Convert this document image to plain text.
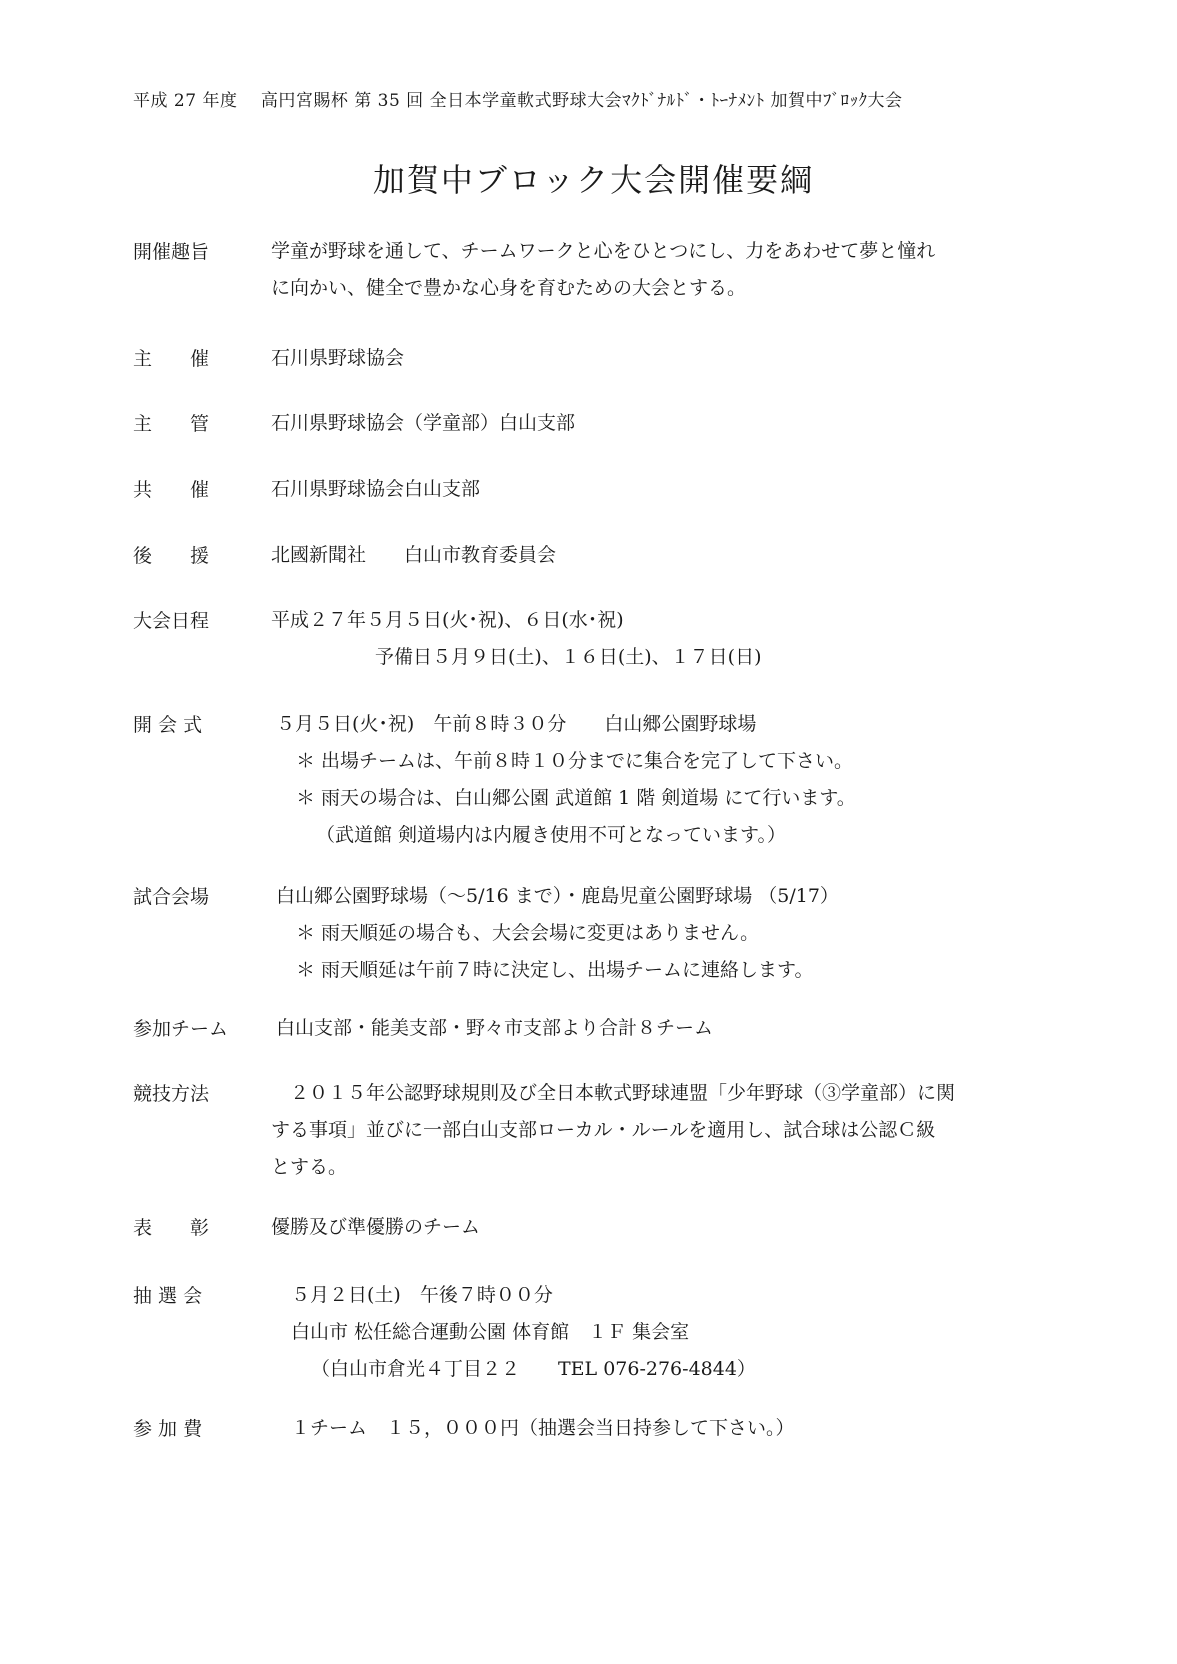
平成 27 年度　 高円宮賜杯 第 35 回 全日本学童軟式野球大会ﾏｸﾄﾞﾅﾙﾄﾞ・ﾄｰﾅﾒﾝﾄ 加賀中ﾌﾞﾛｯｸ大会
加賀中ブロック大会開催要綱
開催趣旨	学童が野球を通して、チームワークと心をひとつにし、力をあわせて夢と憧れ
に向かい、健全で豊かな心身を育むための大会とする。
主　　催	石川県野球協会
主　　管	石川県野球協会（学童部）白山支部
共　　催	石川県野球協会白山支部
後　　援	北國新聞社　　白山市教育委員会
大会日程	平成２７年５月５日(火･祝)、６日(水･祝)
予備日５月９日(土)、１６日(土)、１７日(日)
開 会 式	５月５日(火･祝)　午前８時３０分　　白山郷公園野球場
＊ 出場チームは、午前８時１０分までに集合を完了して下さい。
＊ 雨天の場合は、白山郷公園 武道館 1 階 剣道場 にて行います。
（武道館 剣道場内は内履き使用不可となっています。）
試合会場	白山郷公園野球場（～5/16 まで）・鹿島児童公園野球場 （5/17）
＊ 雨天順延の場合も、大会会場に変更はありません。
＊ 雨天順延は午前７時に決定し、出場チームに連絡します。
参加チーム	白山支部・能美支部・野々市支部より合計８チーム
競技方法	　２０１５年公認野球規則及び全日本軟式野球連盟「少年野球（③学童部）に関
する事項」並びに一部白山支部ローカル・ルールを適用し、試合球は公認Ｃ級
とする。
表　　彰	優勝及び準優勝のチーム
抽 選 会	５月２日(土)　午後７時００分
白山市 松任総合運動公園 体育館　１Ｆ 集会室
（白山市倉光４丁目２２　　TEL 076-276-4844）
参 加 費	１チーム　１５，０００円（抽選会当日持参して下さい。）
